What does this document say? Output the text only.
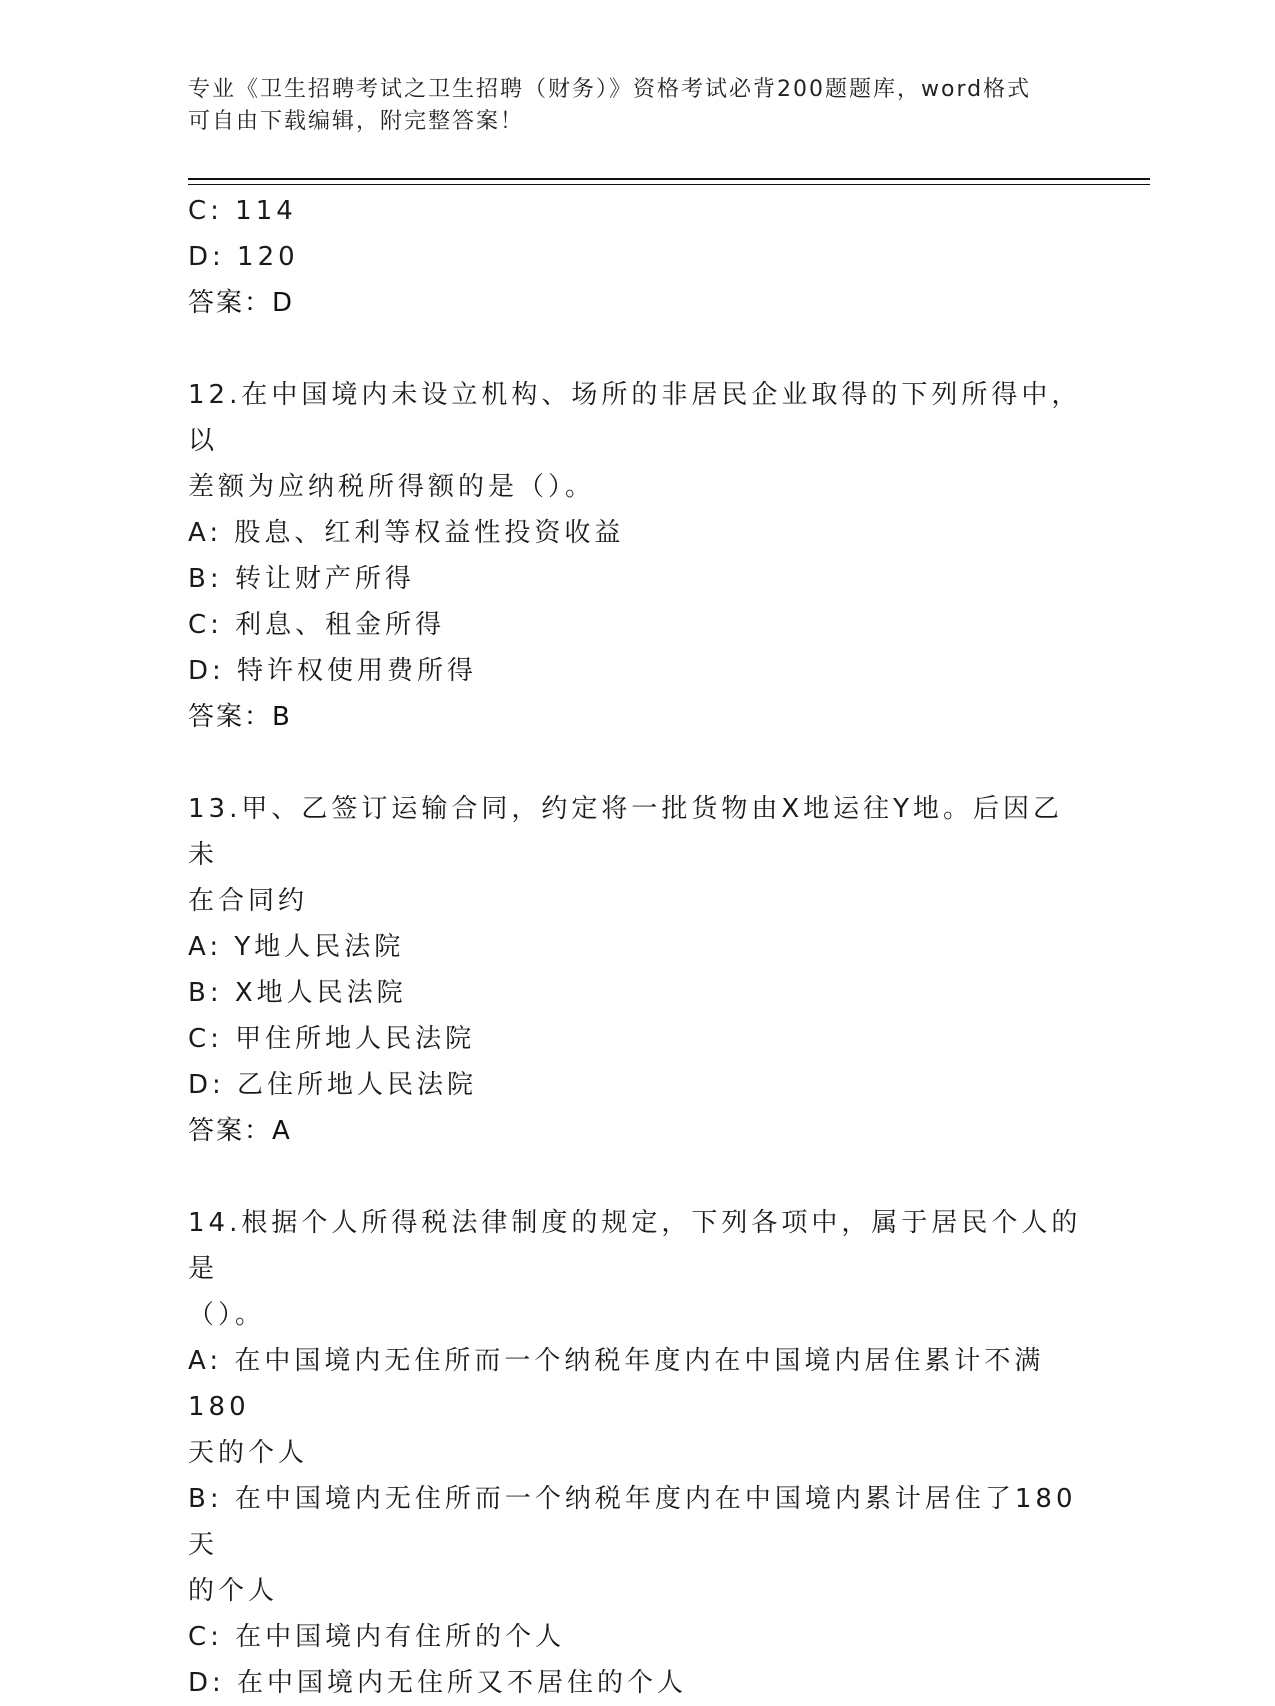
专业《卫生招聘考试之卫生招聘（财务）》资格考试必背200题题库，word格式
可自由下载编辑，附完整答案！

C: 114

D: 120

答案：D

12.在中国境内未设立机构、场所的非居民企业取得的下列所得中，以

差额为应纳税所得额的是（）。

A: 股息、红利等权益性投资收益

B: 转让财产所得

C: 利息、租金所得

D: 特许权使用费所得

答案：B

13.甲、乙签订运输合同，约定将一批货物由X地运往Y地。后因乙未

在合同约

A: Y地人民法院

B: X地人民法院

C: 甲住所地人民法院

D: 乙住所地人民法院

答案：A

14.根据个人所得税法律制度的规定，下列各项中，属于居民个人的是

（）。

A: 在中国境内无住所而一个纳税年度内在中国境内居住累计不满180

天的个人

B: 在中国境内无住所而一个纳税年度内在中国境内累计居住了180天

的个人

C: 在中国境内有住所的个人

D: 在中国境内无住所又不居住的个人
